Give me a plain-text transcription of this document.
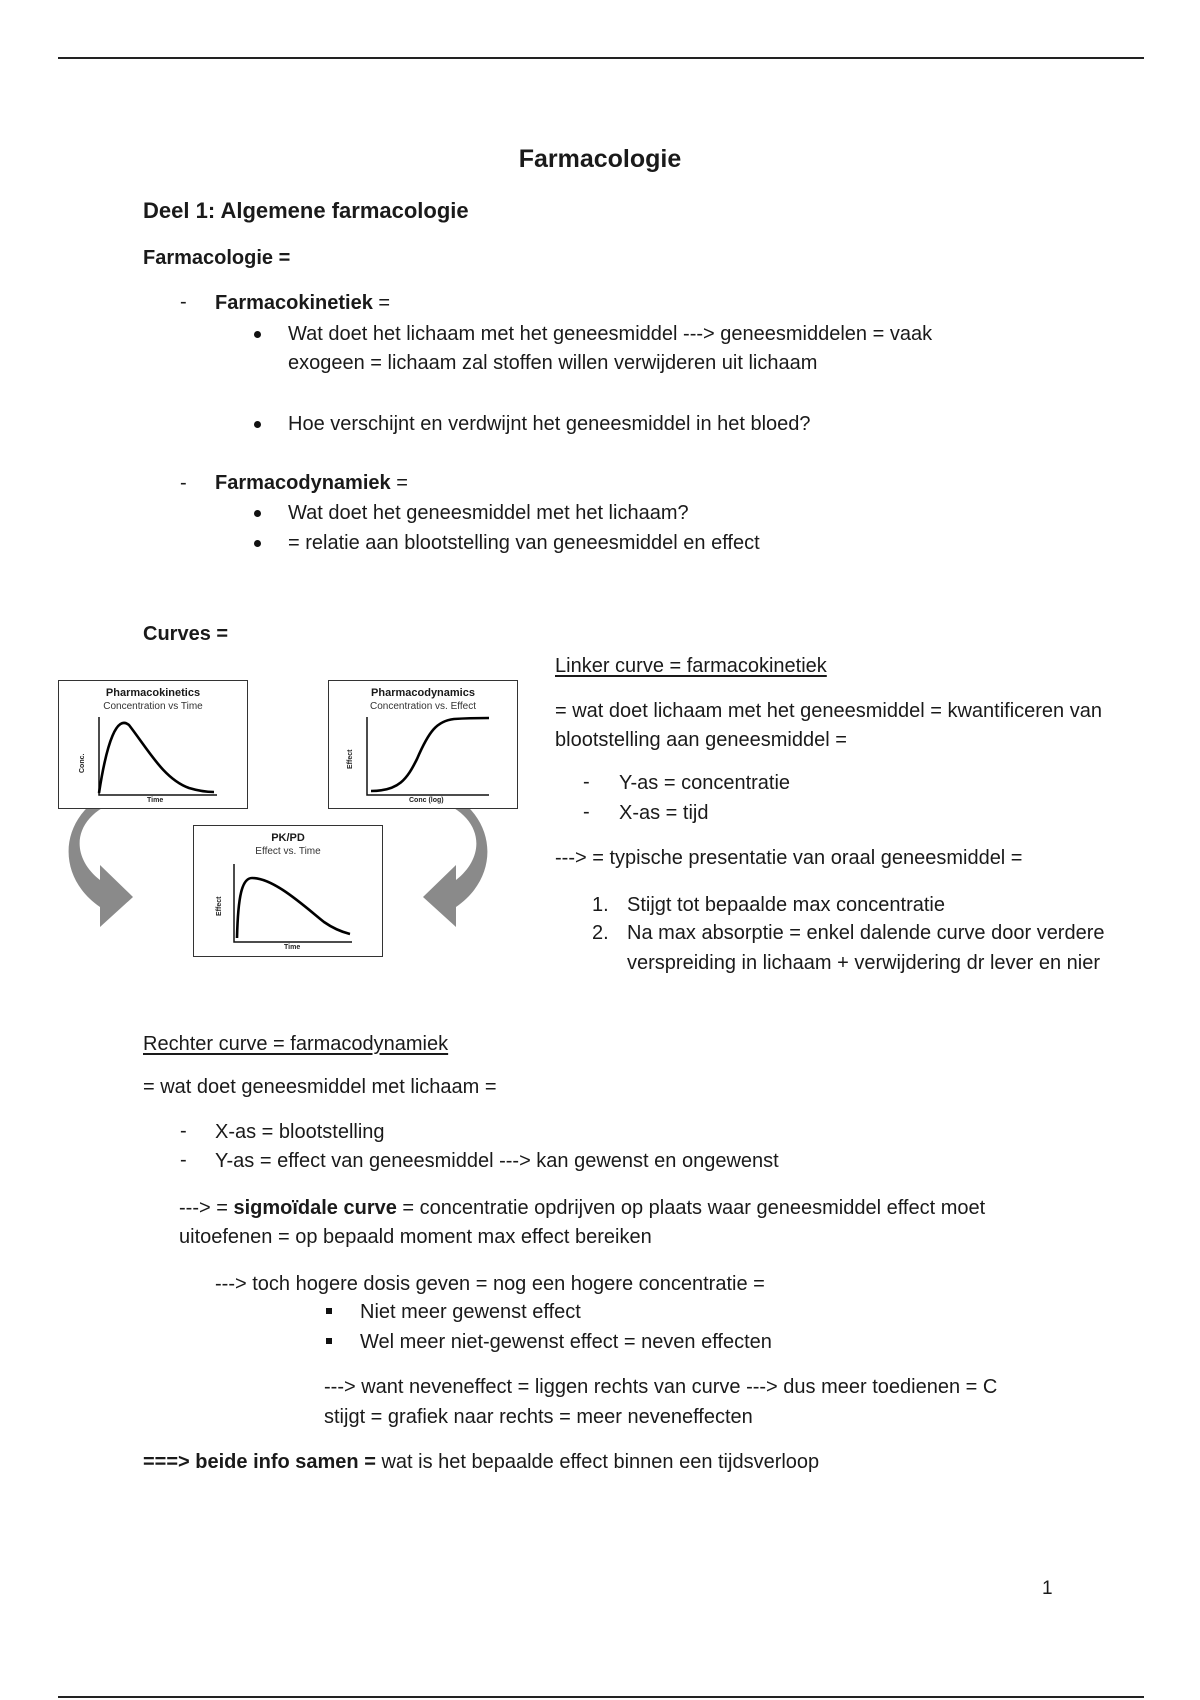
Farmacologie
Deel 1: Algemene farmacologie
Farmacologie =
- Farmacokinetiek =
Wat doet het lichaam met het geneesmiddel ---> geneesmiddelen = vaak
exogeen = lichaam zal stoffen willen verwijderen uit lichaam
Hoe verschijnt en verdwijnt het geneesmiddel in het bloed?
- Farmacodynamiek =
Wat doet het geneesmiddel met het lichaam?
= relatie aan blootstelling van geneesmiddel en effect
Curves =
Pharmacokinetics
Concentration vs Time
Conc.
Time
Pharmacodynamics
Concentration vs. Effect
Effect
Conc (log)
PK/PD
Effect vs. Time
Effect
Time
Linker curve = farmacokinetiek
= wat doet lichaam met het geneesmiddel = kwantificeren van
blootstelling aan geneesmiddel =
- Y-as = concentratie
- X-as = tijd
---> = typische presentatie van oraal geneesmiddel =
1. Stijgt tot bepaalde max concentratie
2. Na max absorptie = enkel dalende curve door verdere
verspreiding in lichaam + verwijdering dr lever en nier
Rechter curve = farmacodynamiek
= wat doet geneesmiddel met lichaam =
- X-as = blootstelling
- Y-as = effect van geneesmiddel ---> kan gewenst en ongewenst
---> = sigmoïdale curve = concentratie opdrijven op plaats waar geneesmiddel effect moet
uitoefenen = op bepaald moment max effect bereiken
---> toch hogere dosis geven = nog een hogere concentratie =
Niet meer gewenst effect
Wel meer niet-gewenst effect = neven effecten
---> want neveneffect = liggen rechts van curve ---> dus meer toedienen = C
stijgt = grafiek naar rechts = meer neveneffecten
===> beide info samen = wat is het bepaalde effect binnen een tijdsverloop
1
